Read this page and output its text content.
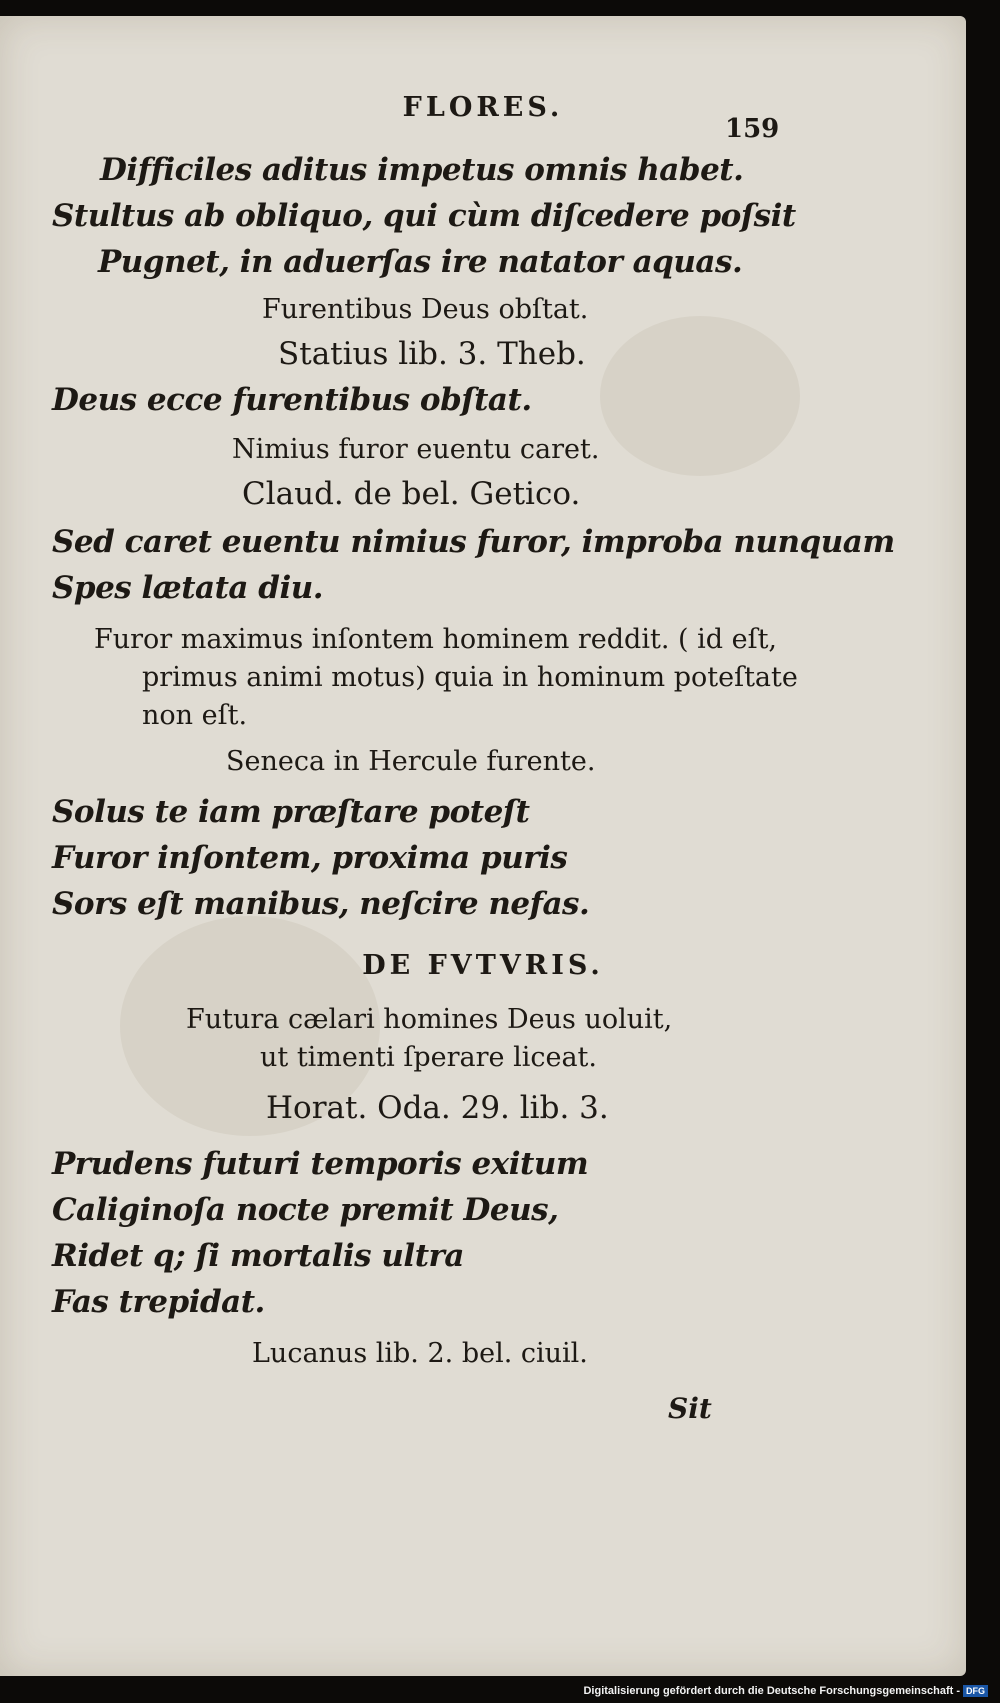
FLORES.
159
Difficiles aditus impetus omnis habet.
Stultus ab obliquo, qui cùm diſcedere poſsit
Pugnet, in aduerſas ire natator aquas.
Furentibus Deus obſtat.
Statius lib. 3. Theb.
Deus ecce furentibus obſtat.
Nimius furor euentu caret.
Claud. de bel. Getico.
Sed caret euentu nimius furor, improba nunquam
Spes lætata diu.
Furor maximus inſontem hominem reddit. ( id eſt,
primus animi motus) quia in hominum poteſtate
non eſt.
Seneca in Hercule furente.
Solus te iam præſtare poteſt
Furor inſontem, proxima puris
Sors eſt manibus, neſcire nefas.
DE FVTVRIS.
Futura cælari homines Deus uoluit,
ut timenti ſperare liceat.
Horat. Oda. 29. lib. 3.
Prudens futuri temporis exitum
Caliginoſa nocte premit Deus,
Ridet q; ſi mortalis ultra
Fas trepidat.
Lucanus lib. 2. bel. ciuil.
Sit
Digitalisierung gefördert durch die Deutsche Forschungsgemeinschaft - DFG
